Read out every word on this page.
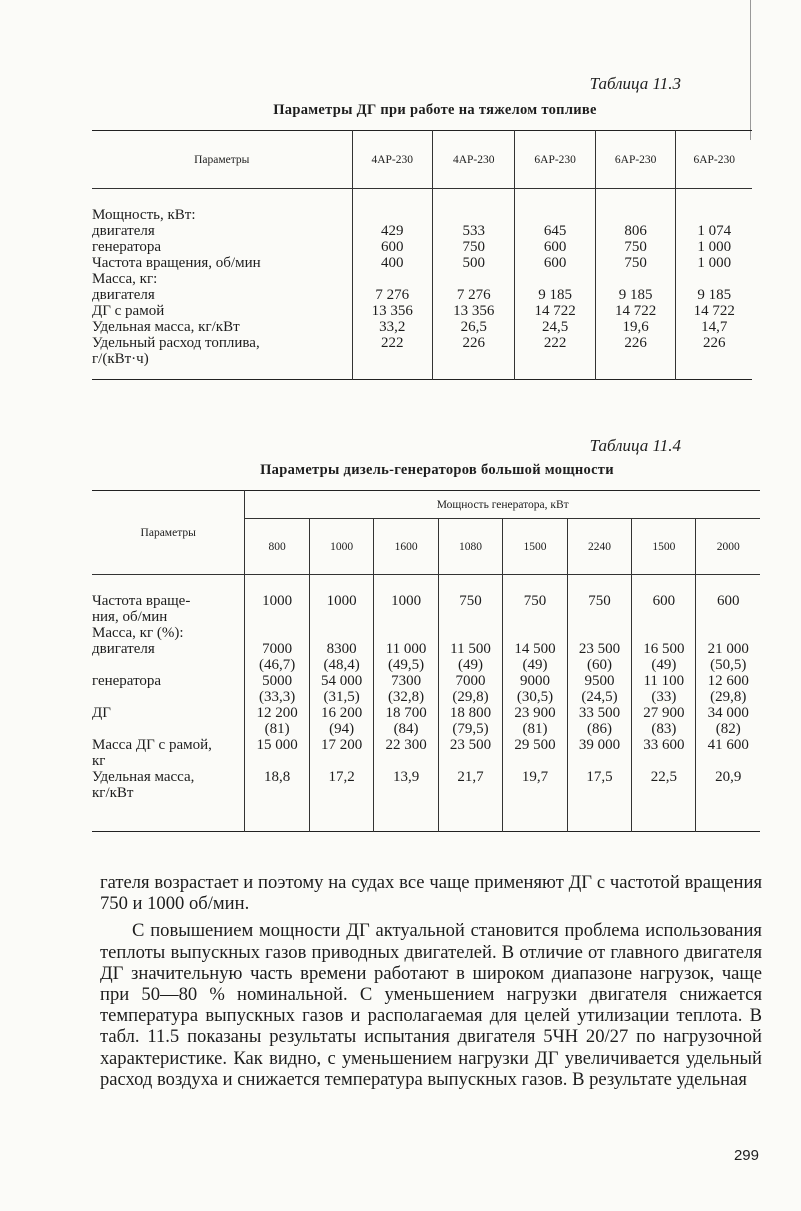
Таблица 11.3
Параметры ДГ при работе на тяжелом топливе
Параметры	4АР-230	4АР-230	6АР-230	6АР-230	6АР-230

Мощность, кВт:					
двигателя	429	533	645	806	1 074
генератора	600	750	600	750	1 000
Частота вращения, об/мин	400	500	600	750	1 000
Масса, кг:					
двигателя	7 276	7 276	9 185	9 185	9 185
ДГ с рамой	13 356	13 356	14 722	14 722	14 722
Удельная масса, кг/кВт	33,2	26,5	24,5	19,6	14,7
Удельный расход топлива,	222	226	222	226	226
г/(кВт·ч)					

Таблица 11.4
Параметры дизель-генераторов большой мощности
Параметры	Мощность генератора, кВт							
	800	1000	1600	1080	1500	2240	1500	2000

Частота враще-	1000	1000	1000	750	750	750	600	600
ния, об/мин								
Масса, кг (%):								
двигателя	7000	8300	11 000	11 500	14 500	23 500	16 500	21 000
	(46,7)	(48,4)	(49,5)	(49)	(49)	(60)	(49)	(50,5)
генератора	5000	54 000	7300	7000	9000	9500	11 100	12 600
	(33,3)	(31,5)	(32,8)	(29,8)	(30,5)	(24,5)	(33)	(29,8)
ДГ	12 200	16 200	18 700	18 800	23 900	33 500	27 900	34 000
	(81)	(94)	(84)	(79,5)	(81)	(86)	(83)	(82)
Масса ДГ с рамой,	15 000	17 200	22 300	23 500	29 500	39 000	33 600	41 600
кг								
Удельная масса,	18,8	17,2	13,9	21,7	19,7	17,5	22,5	20,9
кг/кВт								

гателя возрастает и поэтому на судах все чаще применяют ДГ с частотой вращения 750 и 1000 об/мин.

С повышением мощности ДГ актуальной становится проблема использования теплоты выпускных газов приводных двигателей. В отличие от главного двигателя ДГ значительную часть времени работают в широком диапазоне нагрузок, чаще при 50—80 % номинальной. С уменьшением нагрузки двигателя снижается температура выпускных газов и располагаемая для целей утилизации теплота. В табл. 11.5 показаны результаты испытания двигателя 5ЧН 20/27 по нагрузочной характеристике. Как видно, с уменьшением нагрузки ДГ увеличивается удельный расход воздуха и снижается температура выпускных газов. В результате удельная

299
